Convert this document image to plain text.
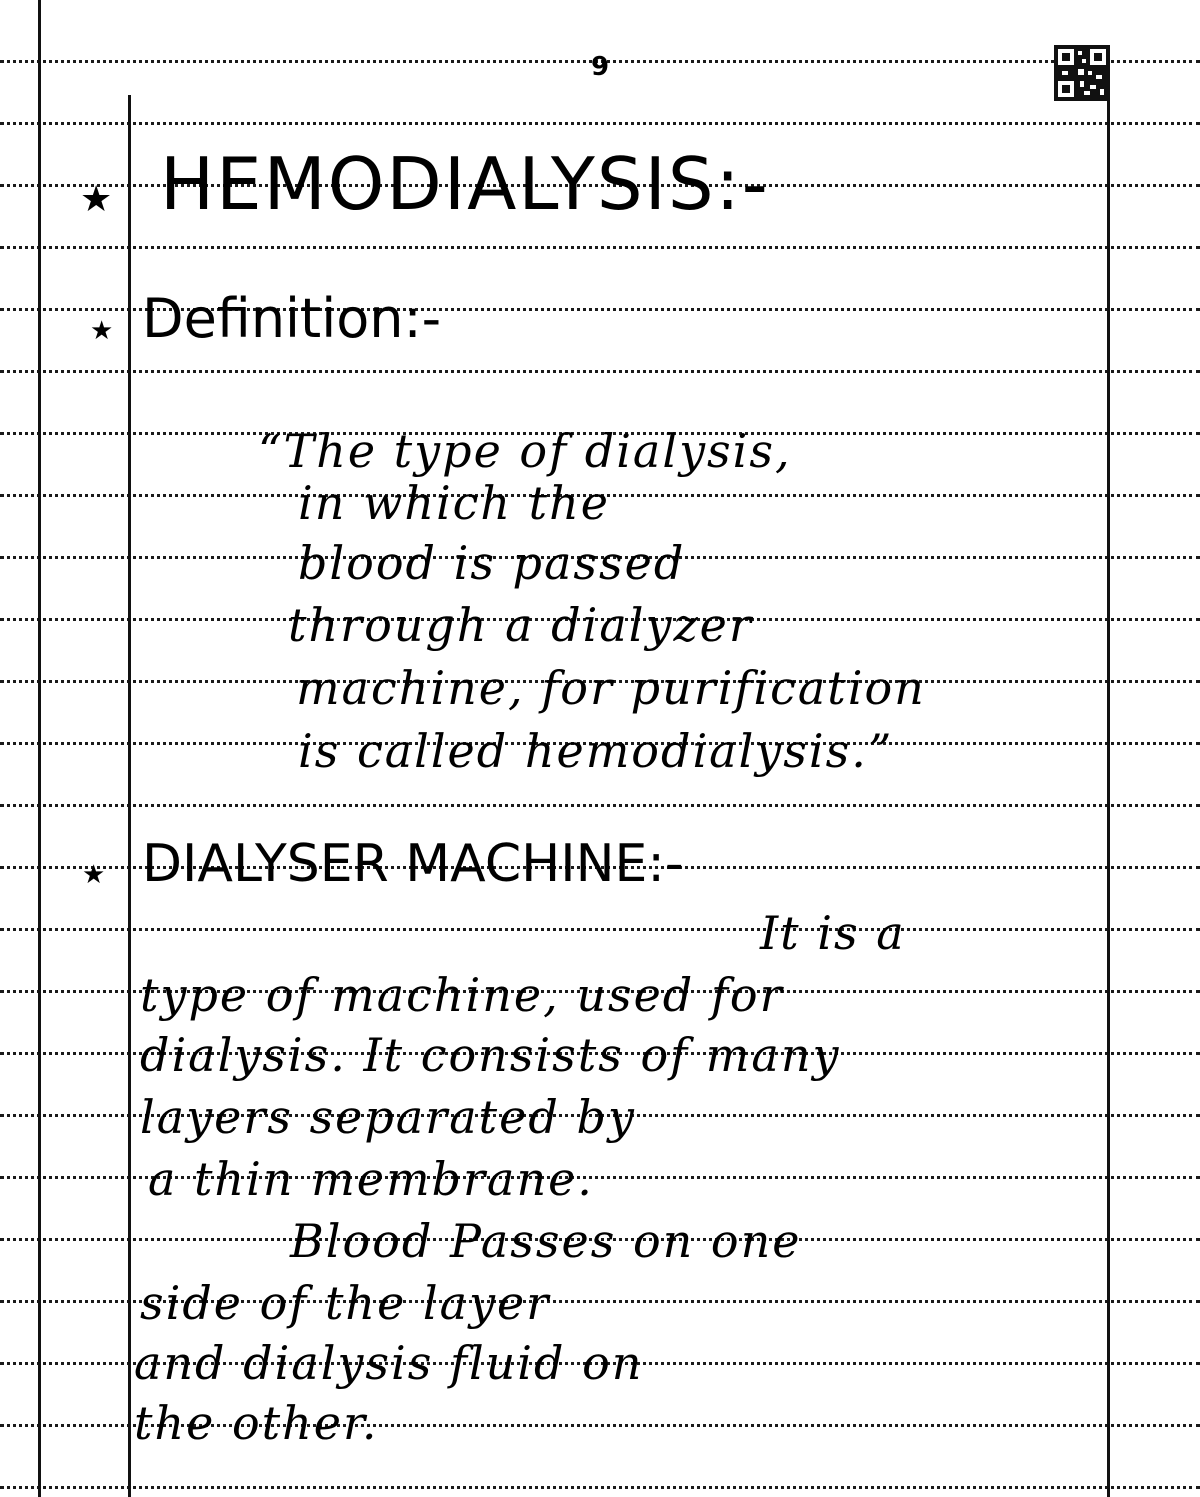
9
★ HEMODIALYSIS:-
★ Definition:-
“The type of dialysis,
in which the
blood is passed
through a dialyzer
machine, for purification
is called hemodialysis.”
★ DIALYSER MACHINE:-
It is a
type of machine, used for
dialysis. It consists of many
layers separated by
a thin membrane.
Blood Passes on one
side of the layer
and dialysis fluid on
the other.
